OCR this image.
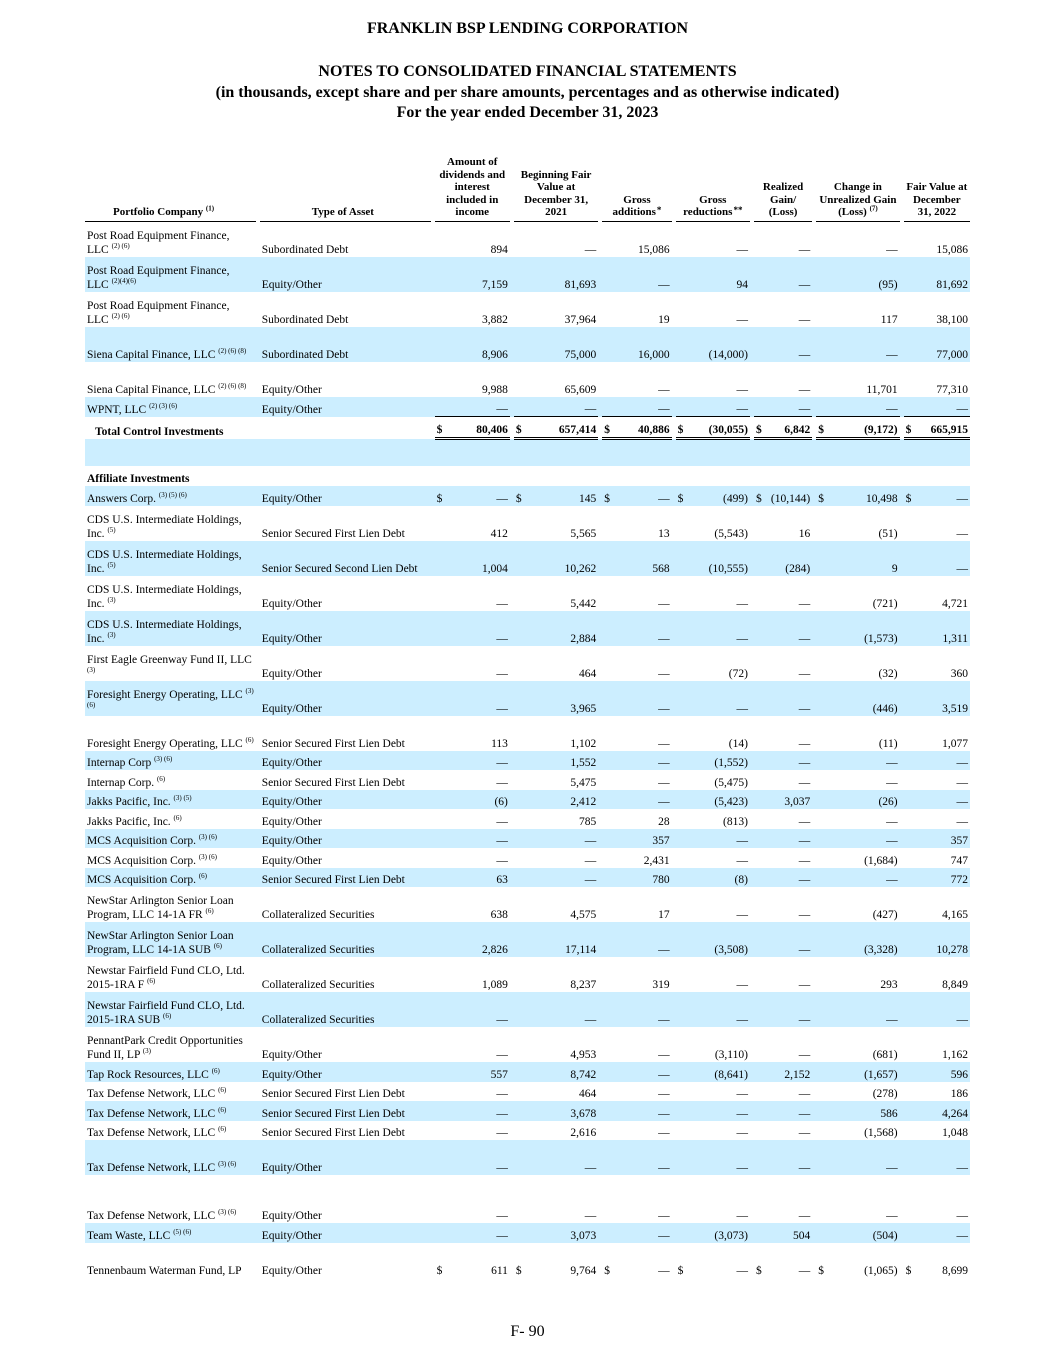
FRANKLIN BSP LENDING CORPORATION
NOTES TO CONSOLIDATED FINANCIAL STATEMENTS
(in thousands, except share and per share amounts, percentages and as otherwise indicated)
For the year ended December 31, 2023
Portfolio Company $^{(1)}$		Type of Asset		Amount of dividends and interest included in income		Beginning Fair Value at December 31, 2021		Gross additions*		Gross reductions**		Realized Gain/ (Loss)		Change in Unrealized Gain (Loss) $^{(7)}$		Fair Value at December 31, 2022
Post Road Equipment Finance, LLC $^{(2) (6)}$		Subordinated Debt		894		—		15,086		—		—		—		15,086
Post Road Equipment Finance, LLC $^{(2)(4)(6)}$		Equity/Other		7,159		81,693		—		94		—		(95)		81,692
Post Road Equipment Finance, LLC $^{(2) (6)}$		Subordinated Debt		3,882		37,964		19		—		—		117		38,100
Siena Capital Finance, LLC $^{(2) (6) (8)}$		Subordinated Debt		8,906		75,000		16,000		(14,000)		—		—		77,000
Siena Capital Finance, LLC $^{(2) (6) (8)}$		Equity/Other		9,988		65,609		—		—		—		11,701		77,310
WPNT, LLC $^{(2) (3) (6)}$		Equity/Other		—		—		—		—		—		—		—
Total Control Investments				$ 80,406		$ 657,414		$ 40,886		$ (30,055)		$ 6,842		$ (9,172)		$ 665,915

Affiliate Investments																
Answers Corp. $^{(3) (5) (6)}$		Equity/Other		$ —		$ 145		$ —		$ (499)		$ (10,144)		$ 10,498		$ —
CDS U.S. Intermediate Holdings, Inc. $^{(5)}$		Senior Secured First Lien Debt		412		5,565		13		(5,543)		16		(51)		—
CDS U.S. Intermediate Holdings, Inc. $^{(5)}$		Senior Secured Second Lien Debt		1,004		10,262		568		(10,555)		(284)		9		—
CDS U.S. Intermediate Holdings, Inc. $^{(3)}$		Equity/Other		—		5,442		—		—		—		(721)		4,721
CDS U.S. Intermediate Holdings, Inc. $^{(3)}$		Equity/Other		—		2,884		—		—		—		(1,573)		1,311
First Eagle Greenway Fund II, LLC $^{(3)}$		Equity/Other		—		464		—		(72)		—		(32)		360
Foresight Energy Operating, LLC $^{(3) (6)}$		Equity/Other		—		3,965		—		—		—		(446)		3,519
Foresight Energy Operating, LLC $^{(6)}$		Senior Secured First Lien Debt		113		1,102		—		(14)		—		(11)		1,077
Internap Corp $^{(3) (6)}$		Equity/Other		—		1,552		—		(1,552)		—		—		—
Internap Corp. $^{(6)}$		Senior Secured First Lien Debt		—		5,475		—		(5,475)		—		—		—
Jakks Pacific, Inc. $^{(3) (5)}$		Equity/Other		(6)		2,412		—		(5,423)		3,037		(26)		—
Jakks Pacific, Inc. $^{(6)}$		Equity/Other		—		785		28		(813)		—		—		—
MCS Acquisition Corp. $^{(3) (6)}$		Equity/Other		—		—		357		—		—		—		357
MCS Acquisition Corp. $^{(3) (6)}$		Equity/Other		—		—		2,431		—		—		(1,684)		747
MCS Acquisition Corp. $^{(6)}$		Senior Secured First Lien Debt		63		—		780		(8)		—		—		772
NewStar Arlington Senior Loan Program, LLC 14-1A FR $^{(6)}$		Collateralized Securities		638		4,575		17		—		—		(427)		4,165
NewStar Arlington Senior Loan Program, LLC 14-1A SUB $^{(6)}$		Collateralized Securities		2,826		17,114		—		(3,508)		—		(3,328)		10,278
Newstar Fairfield Fund CLO, Ltd. 2015-1RA F $^{(6)}$		Collateralized Securities		1,089		8,237		319		—		—		293		8,849
Newstar Fairfield Fund CLO, Ltd. 2015-1RA SUB $^{(6)}$		Collateralized Securities		—		—		—		—		—		—		—
PennantPark Credit Opportunities Fund II, LP $^{(3)}$		Equity/Other		—		4,953		—		(3,110)		—		(681)		1,162
Tap Rock Resources, LLC $^{(6)}$		Equity/Other		557		8,742		—		(8,641)		2,152		(1,657)		596
Tax Defense Network, LLC $^{(6)}$		Senior Secured First Lien Debt		—		464		—		—		—		(278)		186
Tax Defense Network, LLC $^{(6)}$		Senior Secured First Lien Debt		—		3,678		—		—		—		586		4,264
Tax Defense Network, LLC $^{(6)}$		Senior Secured First Lien Debt		—		2,616		—		—		—		(1,568)		1,048
Tax Defense Network, LLC $^{(3) (6)}$		Equity/Other		—		—		—		—		—		—		—

Tax Defense Network, LLC $^{(3) (6)}$		Equity/Other		—		—		—		—		—		—		—
Team Waste, LLC $^{(5) (6)}$		Equity/Other		—		3,073		—		(3,073)		504		(504)		—
Tennenbaum Waterman Fund, LP		Equity/Other		$ 611		$ 9,764		$ —		$ —		$ —		$ (1,065)		$ 8,699
F- 90
